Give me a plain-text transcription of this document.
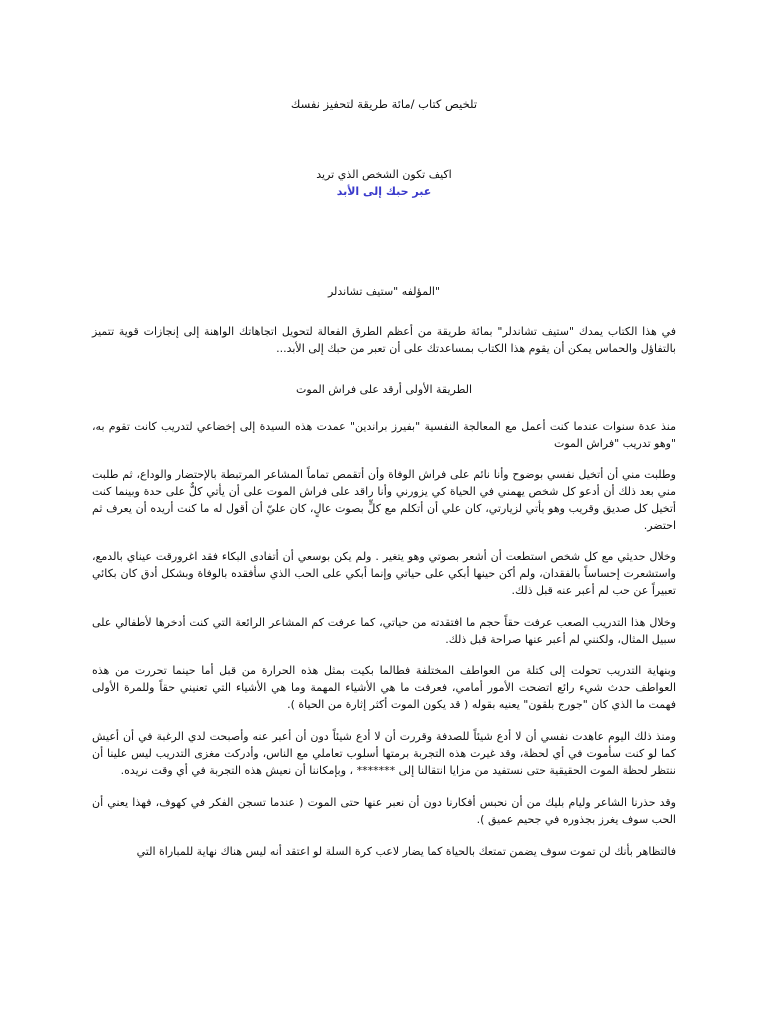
تلخيص كتاب /مائة طريقة لتحفيز نفسك

اكيف تكون الشخص الذي تريد

عبر حبك إلى الأبد

"المؤلفه "ستيف تشاندلر

في هذا الكتاب يمدك "ستيف تشاندلر" بمائة طريقة من أعظم الطرق الفعالة لتحويل اتجاهاتك الواهنة إلى إنجازات قوية تتميز بالتفاؤل والحماس يمكن أن يقوم هذا الكتاب بمساعدتك على أن تعبر من حبك إلى الأبد...

الطريقة الأولى أرقد على فراش الموت

منذ عدة سنوات عندما كنت أعمل مع المعالجة النفسية "بفيرز براندين" عمدت هذه السيدة إلى إخضاعي لتدريب كانت تقوم به، "وهو تدريب "فراش الموت

وطلبت مني أن أتخيل نفسي بوضوح وأنا نائم على فراش الوفاة وأن أتقمص تماماً المشاعر المرتبطة بالإحتضار والوداع، ثم طلبت مني بعد ذلك أن أدعو كل شخص يهمني في الحياة كي يزورني وأنا راقد على فراش الموت على أن يأتي كلٌّ على حدة وبينما كنت أتخيل كل صديق وقريب وهو يأتي لزيارتي، كان علي أن أتكلم مع كلٍّ بصوت عالٍ، كان عليّ أن أقول له ما كنت أريده أن يعرف ثم احتضر.

وخلال حديثي مع كل شخص استطعت أن أشعر بصوتي وهو يتغير . ولم يكن بوسعي أن أتفادى البكاء فقد اغرورقت عيناي بالدمع، واستشعرت إحساساً بالفقدان، ولم أكن حينها أبكي على حياتي وإنما أبكي على الحب الذي سأفقده بالوفاة وبشكل أدق كان بكائي تعبيراً عن حب لم أعبر عنه قبل ذلك.

وخلال هذا التدريب الصعب عرفت حقاً حجم ما افتقدته من حياتي، كما عرفت كم المشاعر الرائعة التي كنت أدخرها لأطفالي على سبيل المثال، ولكنني لم أعبر عنها صراحة قبل ذلك.

وبنهاية التدريب تحولت إلى كتلة من العواطف المختلفة فطالما بكيت بمثل هذه الحرارة من قبل أما حينما تحررت من هذه العواطف حدث شيء رائع اتضحت الأمور أمامي، فعرفت ما هي الأشياء المهمة وما هي الأشياء التي تعنيني حقاً وللمرة الأولى فهمت ما الذي كان "جورج بلقون" يعنيه بقوله ( قد يكون الموت أكثر إثارة من الحياة ).

ومنذ ذلك اليوم عاهدت نفسي أن لا أدع شيئاً للصدفة وقررت أن لا أدع شيئاً دون أن أعبر عنه وأصبحت لدي الرغبة في أن أعيش كما لو كنت سأموت في أي لحظة، وقد غيرت هذه التجربة برمتها أسلوب تعاملي مع الناس، وأدركت مغزى التدريب ليس علينا أن ننتظر لحظة الموت الحقيقية حتى نستفيد من مزايا انتقالنا إلى ******* ، وبإمكاننا أن نعيش هذه التجربة في أي وقت نريده.

وقد حذرنا الشاعر وليام بليك من أن نحبس أفكارنا دون أن نعبر عنها حتى الموت ( عندما تسجن الفكر في كهوف، فهذا يعني أن الحب سوف يغرز بجذوره في جحيم عميق ).

فالتظاهر بأنك لن تموت سوف يضمن تمتعك بالحياة كما يضار لاعب كرة السلة لو اعتقد أنه ليس هناك نهاية للمباراة التي
